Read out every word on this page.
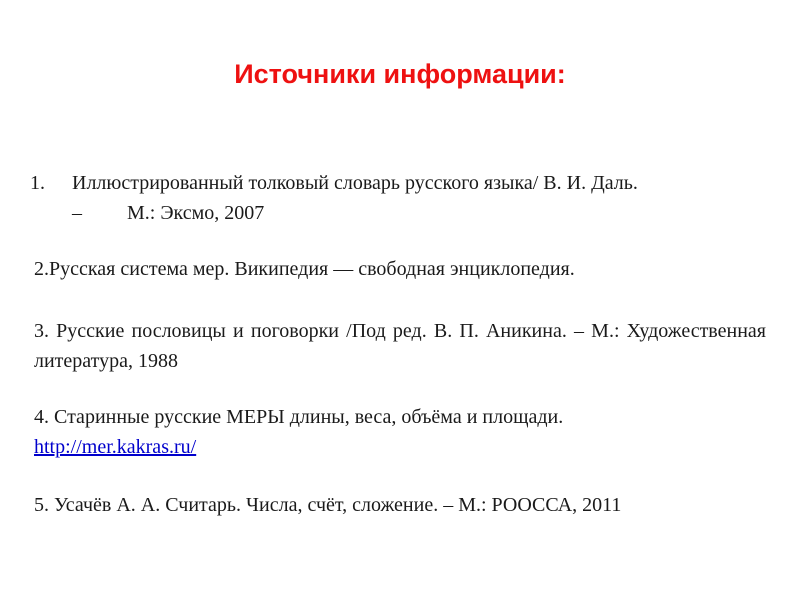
Источники информации:
1. Иллюстрированный толковый словарь русского языка/ В. И. Даль.
– М.: Эксмо, 2007
2.Русская система мер. Википедия — свободная энциклопедия.
3. Русские пословицы и поговорки /Под ред. В. П. Аникина. – М.: Художественная литература, 1988
4. Старинные русские МЕРЫ длины, веса, объёма и площади.
http://mer.kakras.ru/
5. Усачёв А. А. Считарь. Числа, счёт, сложение. – М.: РООССА, 2011
